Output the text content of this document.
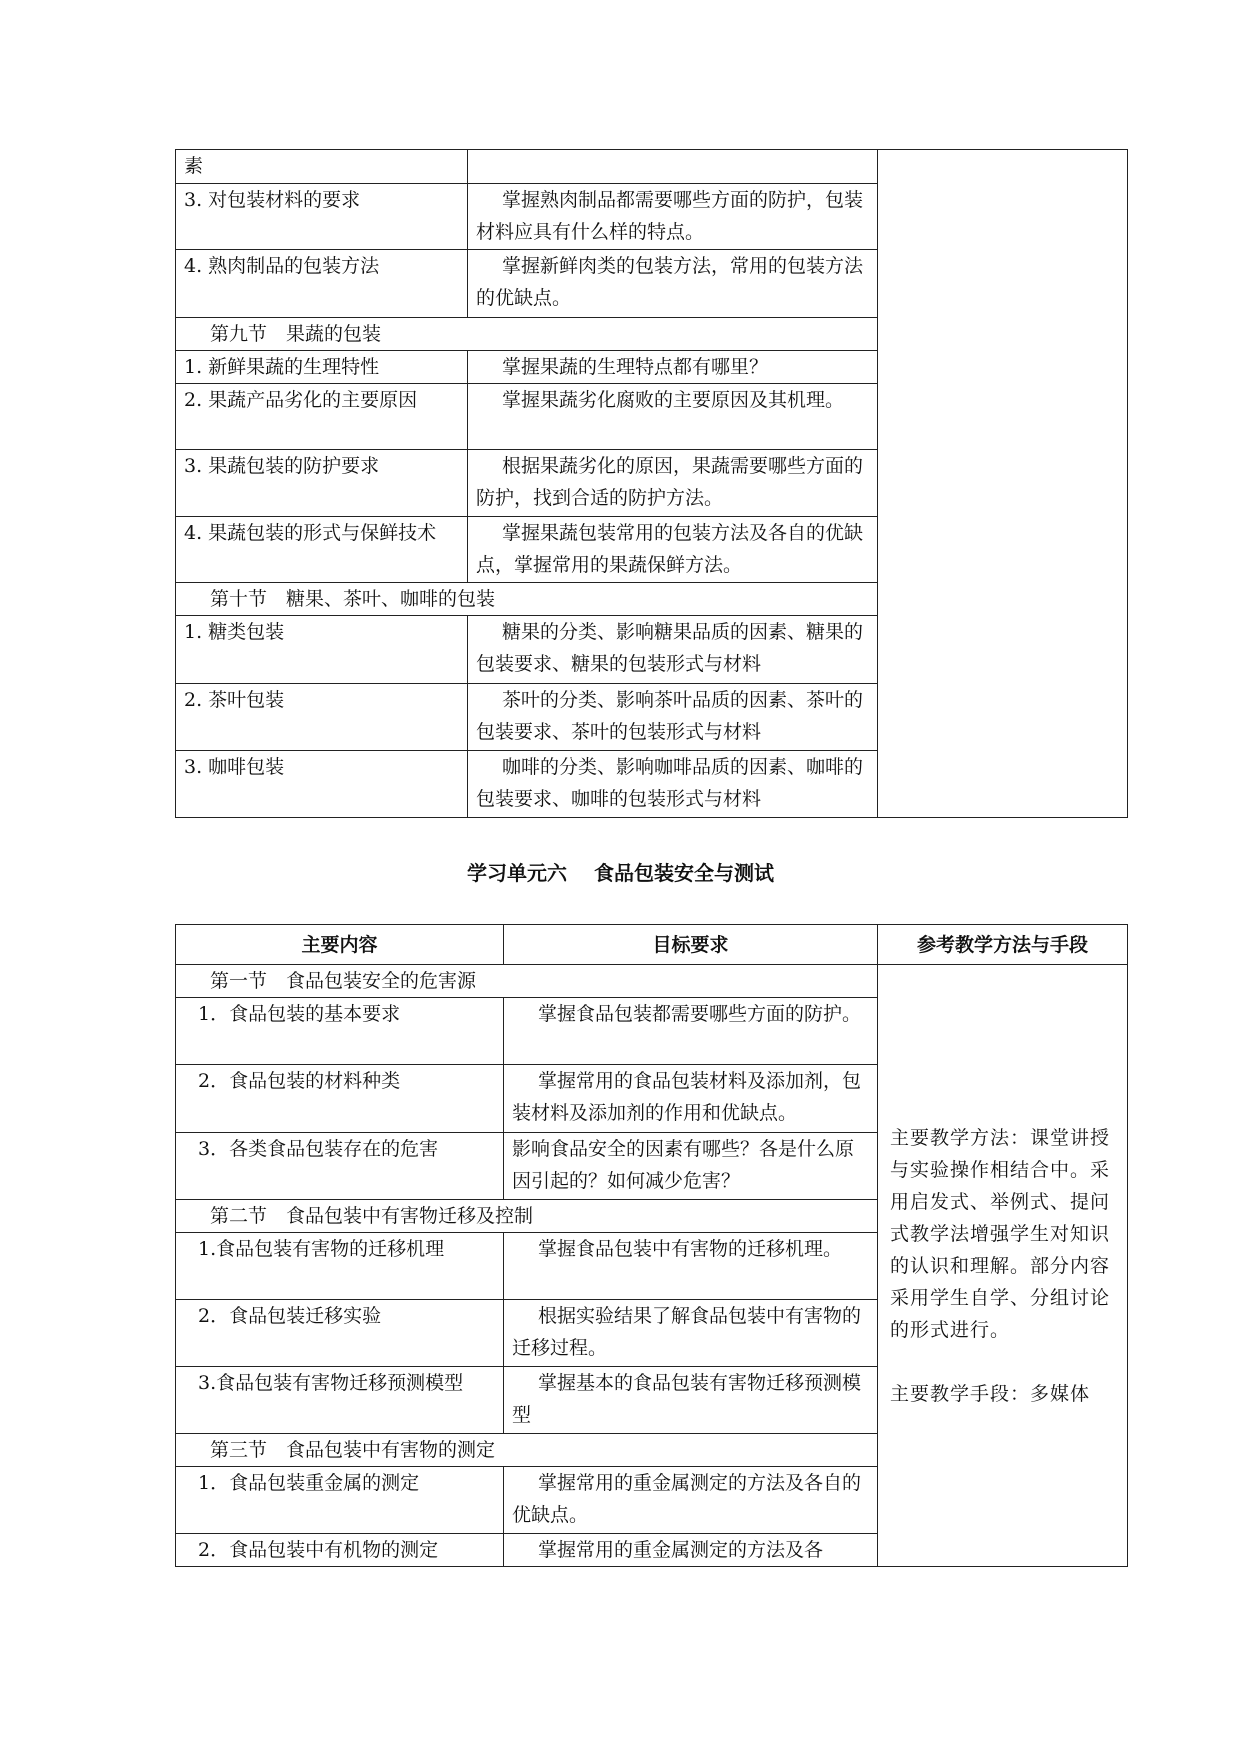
素		
3. 对包装材料的要求	掌握熟肉制品都需要哪些方面的防护，包装材料应具有什么样的特点。	
4. 熟肉制品的包装方法	掌握新鲜肉类的包装方法，常用的包装方法的优缺点。	
第九节　果蔬的包装		
1. 新鲜果蔬的生理特性	掌握果蔬的生理特点都有哪里？	
2. 果蔬产品劣化的主要原因	掌握果蔬劣化腐败的主要原因及其机理。	
3. 果蔬包装的防护要求	根据果蔬劣化的原因，果蔬需要哪些方面的防护，找到合适的防护方法。	
4. 果蔬包装的形式与保鲜技术	掌握果蔬包装常用的包装方法及各自的优缺点，掌握常用的果蔬保鲜方法。	
第十节　糖果、茶叶、咖啡的包装		
1. 糖类包装	糖果的分类、影响糖果品质的因素、糖果的包装要求、糖果的包装形式与材料	
2. 茶叶包装	茶叶的分类、影响茶叶品质的因素、茶叶的包装要求、茶叶的包装形式与材料	
3. 咖啡包装	咖啡的分类、影响咖啡品质的因素、咖啡的包装要求、咖啡的包装形式与材料	
学习单元六　 食品包装安全与测试
主要内容	目标要求	参考教学方法与手段
第一节　食品包装安全的危害源		主要教学方法：课堂讲授与实验操作相结合中。采用启发式、举例式、提问式教学法增强学生对知识的认识和理解。部分内容采用学生自学、分组讨论的形式进行。
主要教学手段：多媒体

1．食品包装的基本要求	掌握食品包装都需要哪些方面的防护。	
2．食品包装的材料种类	掌握常用的食品包装材料及添加剂，包装材料及添加剂的作用和优缺点。	
3．各类食品包装存在的危害	影响食品安全的因素有哪些？各是什么原因引起的？如何减少危害？	
第二节　食品包装中有害物迁移及控制		
1.食品包装有害物的迁移机理	掌握食品包装中有害物的迁移机理。	
2．食品包装迁移实验	根据实验结果了解食品包装中有害物的迁移过程。	
3.食品包装有害物迁移预测模型	掌握基本的食品包装有害物迁移预测模型	
第三节　食品包装中有害物的测定		
1．食品包装重金属的测定	掌握常用的重金属测定的方法及各自的优缺点。	
2．食品包装中有机物的测定	掌握常用的重金属测定的方法及各	
